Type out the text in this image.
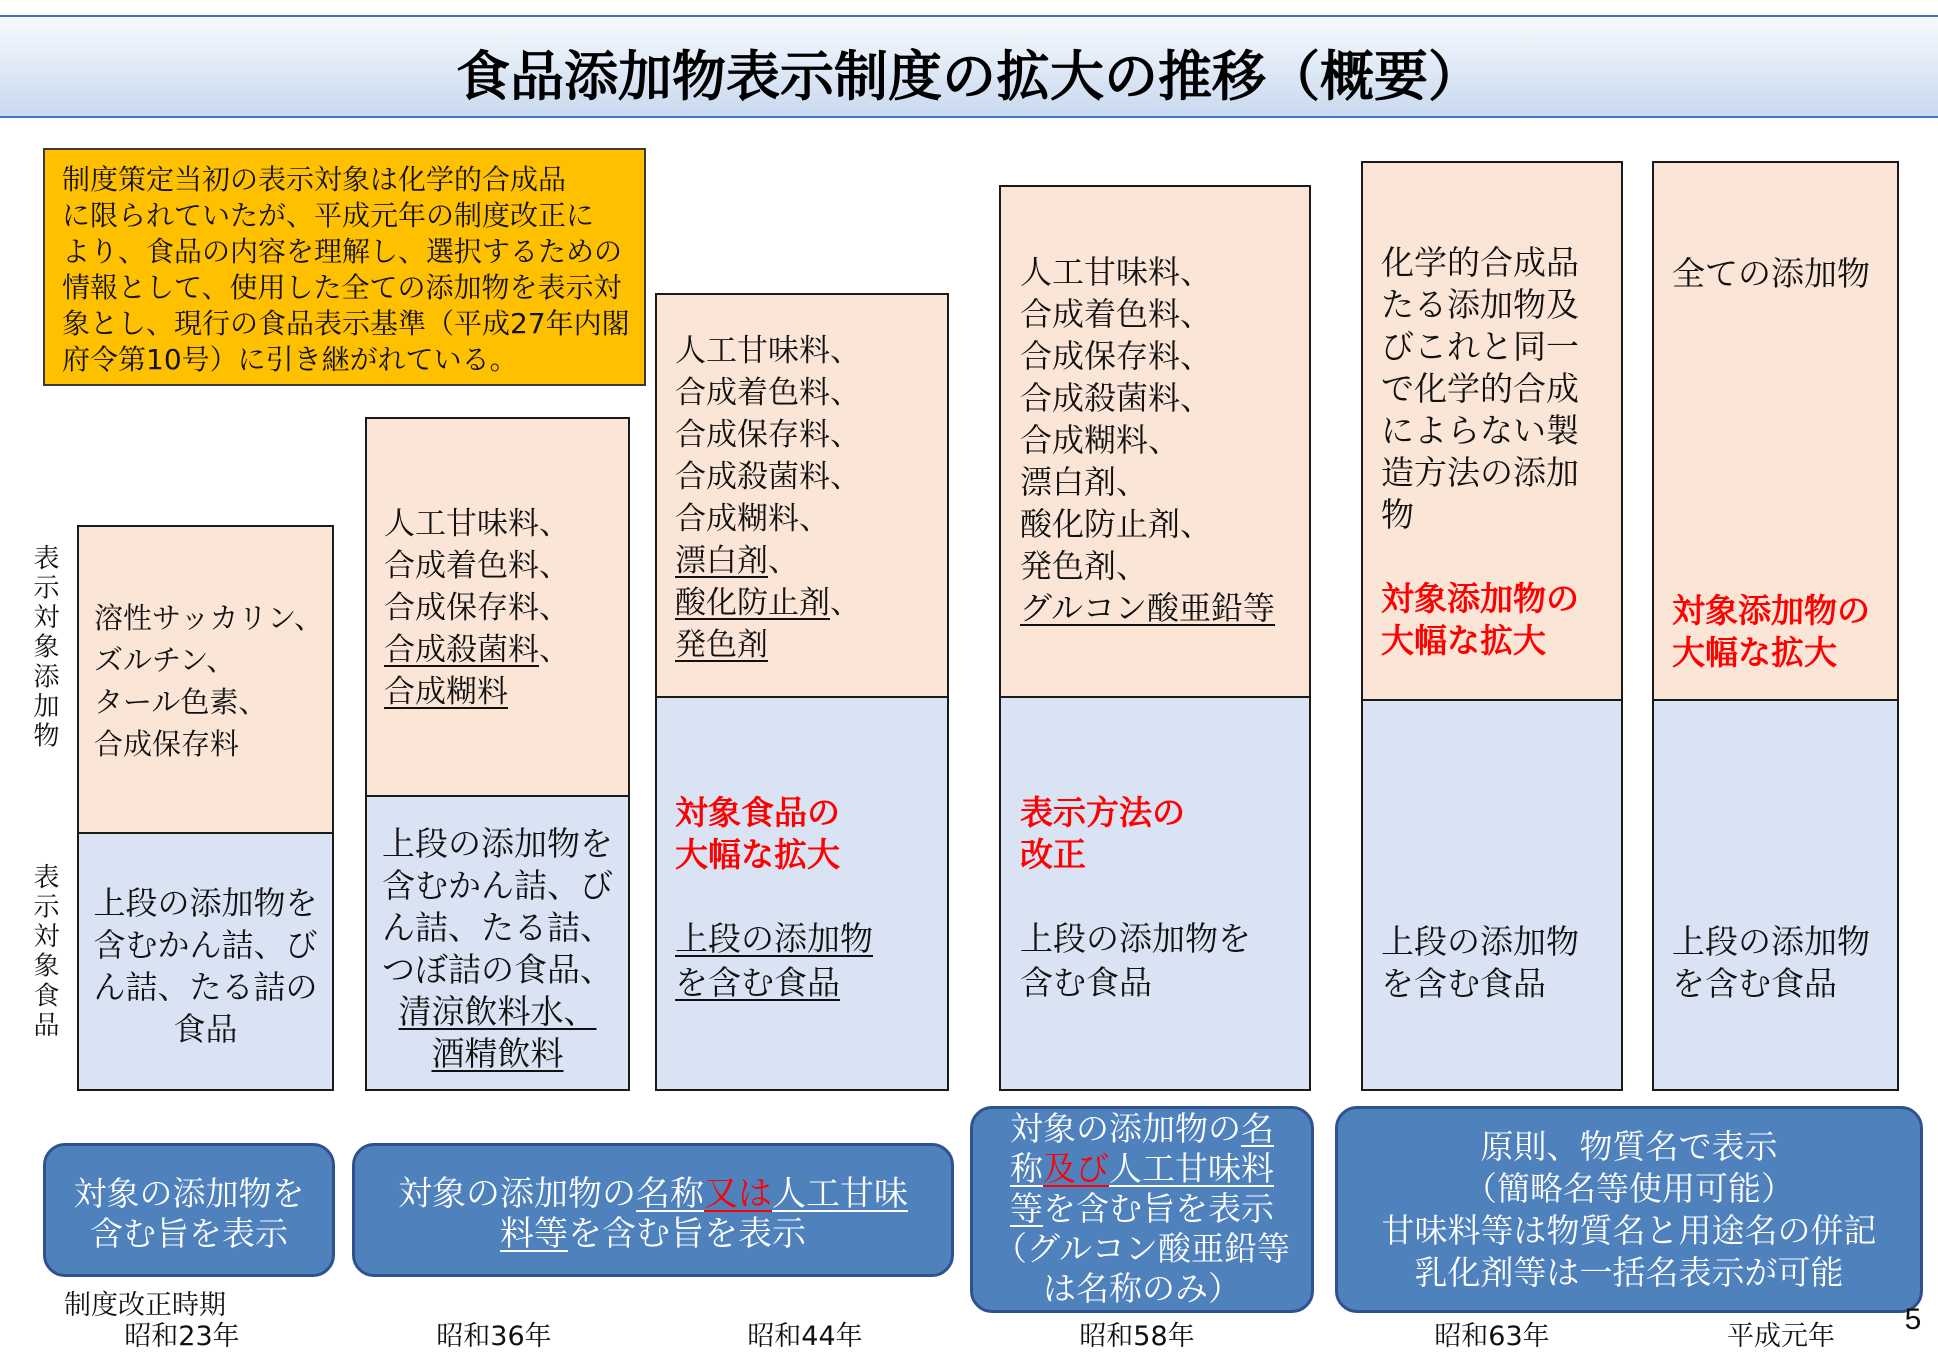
食品添加物表示制度の拡大の推移（概要）
制度策定当初の表示対象は化学的合成品
に限られていたが、平成元年の制度改正に
より、食品の内容を理解し、選択するための
情報として、使用した全ての添加物を表示対
象とし、現行の食品表示基準（平成27年内閣
府令第10号）に引き継がれている。
表示対象添加物
表示対象食品
溶性サッカリン、
ズルチン、
タール色素、
合成保存料
上段の添加物を
含むかん詰、び
ん詰、たる詰の
食品
人工甘味料、
合成着色料、
合成保存料、
合成殺菌料、
合成糊料
上段の添加物を
含むかん詰、び
ん詰、たる詰、
つぼ詰の食品、
清涼飲料水、
酒精飲料
人工甘味料、
合成着色料、
合成保存料、
合成殺菌料、
合成糊料、
漂白剤、
酸化防止剤、
発色剤
対象食品の
大幅な拡大
上段の添加物
を含む食品
人工甘味料、
合成着色料、
合成保存料、
合成殺菌料、
合成糊料、
漂白剤、
酸化防止剤、
発色剤、
グルコン酸亜鉛等
表示方法の
改正
上段の添加物を
含む食品
化学的合成品
たる添加物及
びこれと同一
で化学的合成
によらない製
造方法の添加
物
対象添加物の
大幅な拡大
上段の添加物
を含む食品
全ての添加物
対象添加物の
大幅な拡大
上段の添加物
を含む食品
対象の添加物を
含む旨を表示
対象の添加物の名称又は人工甘味
料等を含む旨を表示
対象の添加物の名
称及び人工甘味料
等を含む旨を表示
（グルコン酸亜鉛等
は名称のみ）
原則、物質名で表示
（簡略名等使用可能）
甘味料等は物質名と用途名の併記
乳化剤等は一括名表示が可能
制度改正時期
昭和23年	昭和36年	昭和44年	昭和58年	昭和63年	平成元年
5
